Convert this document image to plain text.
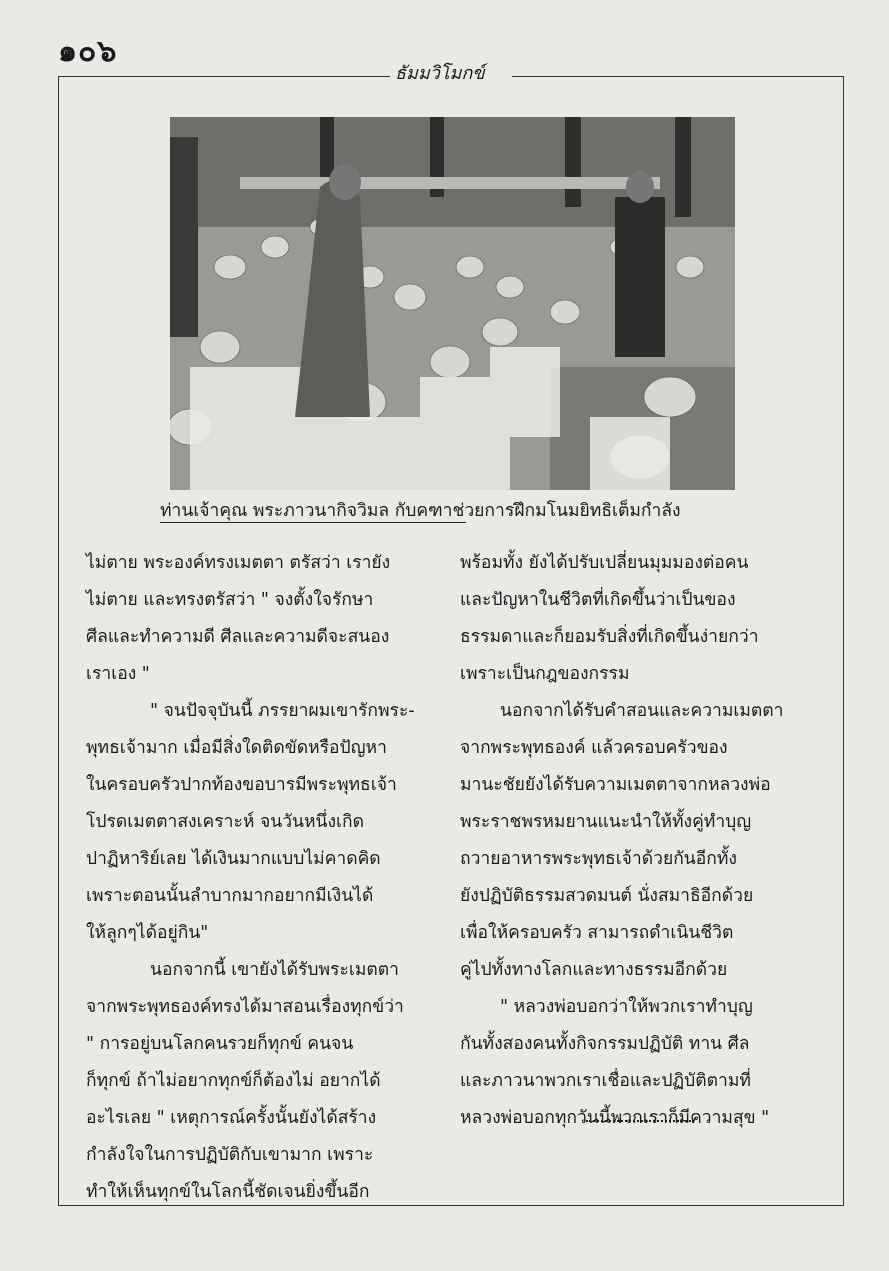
๑๐๖
ธัมมวิโมกข์
ท่านเจ้าคุณ พระภาวนากิจวิมล กับคฑาช่วยการฝึกมโนมยิทธิเต็มกำลัง
ไม่ตาย พระองค์ทรงเมตตา ตรัสว่า เรายัง
ไม่ตาย และทรงตรัสว่า " จงตั้งใจรักษา
ศีลและทำความดี ศีลและความดีจะสนอง
เราเอง "
" จนปัจจุบันนี้ ภรรยาผมเขารักพระ-
พุทธเจ้ามาก เมื่อมีสิ่งใดติดขัดหรือปัญหา
ในครอบครัวปากท้องขอบารมีพระพุทธเจ้า
โปรดเมตตาสงเคราะห์ จนวันหนึ่งเกิด
ปาฏิหาริย์เลย ได้เงินมากแบบไม่คาดคิด
เพราะตอนนั้นลำบากมากอยากมีเงินได้
ให้ลูกๆได้อยู่กิน"
นอกจากนี้ เขายังได้รับพระเมตตา
จากพระพุทธองค์ทรงได้มาสอนเรื่องทุกข์ว่า
" การอยู่บนโลกคนรวยก็ทุกข์ คนจน
ก็ทุกข์ ถ้าไม่อยากทุกข์ก็ต้องไม่ อยากได้
อะไรเลย " เหตุการณ์ครั้งนั้นยังได้สร้าง
กำลังใจในการปฏิบัติกับเขามาก เพราะ
ทำให้เห็นทุกข์ในโลกนี้ชัดเจนยิ่งขึ้นอีก
พร้อมทั้ง ยังได้ปรับเปลี่ยนมุมมองต่อคน
และปัญหาในชีวิตที่เกิดขึ้นว่าเป็นของ
ธรรมดาและก็ยอมรับสิ่งที่เกิดขึ้นง่ายกว่า
เพราะเป็นกฎของกรรม
นอกจากได้รับคำสอนและความเมตตา
จากพระพุทธองค์ แล้วครอบครัวของ
มานะชัยยังได้รับความเมตตาจากหลวงพ่อ
พระราชพรหมยานแนะนำให้ทั้งคู่ทำบุญ
ถวายอาหารพระพุทธเจ้าด้วยกันอีกทั้ง
ยังปฏิบัติธรรมสวดมนต์ นั่งสมาธิอีกด้วย
เพื่อให้ครอบครัว สามารถดำเนินชีวิต
คู่ไปทั้งทางโลกและทางธรรมอีกด้วย
" หลวงพ่อบอกว่าให้พวกเราทำบุญ
กันทั้งสองคนทั้งกิจกรรมปฏิบัติ ทาน ศีล
และภาวนาพวกเราเชื่อและปฏิบัติตามที่
หลวงพ่อบอกทุกวันนี้พวกเราก็มีความสุข "
